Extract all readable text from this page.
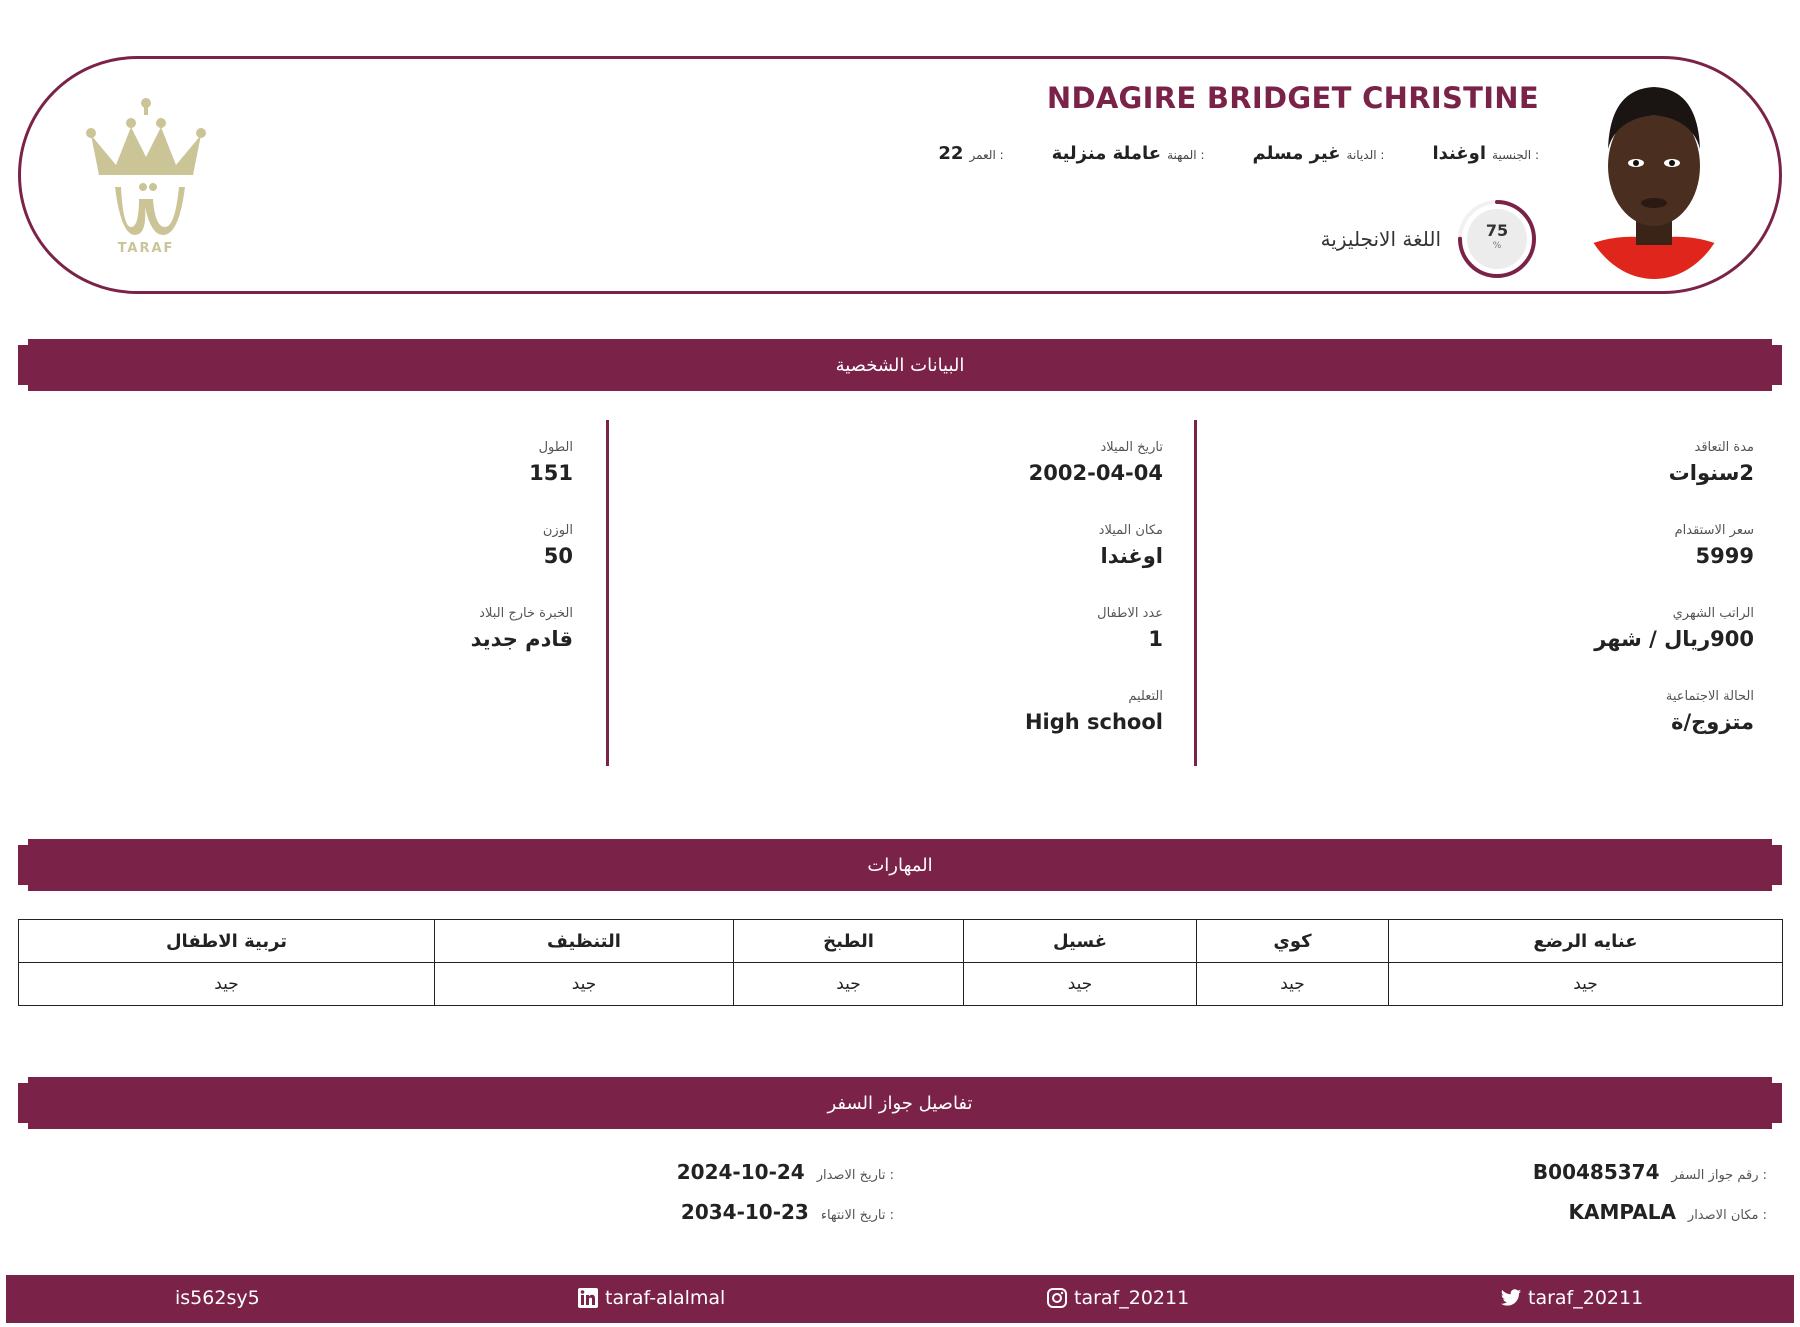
NDAGIRE BRIDGET CHRISTINE
الجنسية :
اوغندا
الديانة :
غير مسلم
المهنة :
عاملة منزلية
العمر :
22
75
%
اللغة الانجليزية
TARAF
البيانات الشخصية
مدة التعاقد
2سنوات
سعر الاستقدام
5999
الراتب الشهري
900ريال / شهر
الحالة الاجتماعية
متزوج/ة
تاريخ الميلاد
2002-04-04
مكان الميلاد
اوغندا
عدد الاطفال
1
التعليم
High school
الطول
151
الوزن
50
الخبرة خارج البلاد
قادم جديد
المهارات
عنايه الرضع	كوي	غسيل	الطبخ	التنظيف	تربية الاطفال
جيد	جيد	جيد	جيد	جيد	جيد
تفاصيل جواز السفر
رقم جواز السفر :
B00485374
مكان الاصدار :
KAMPALA
تاريخ الاصدار :
2024-10-24
تاريخ الانتهاء :
2034-10-23
is562sy5	taraf-alalmal	taraf_20211	taraf_20211
